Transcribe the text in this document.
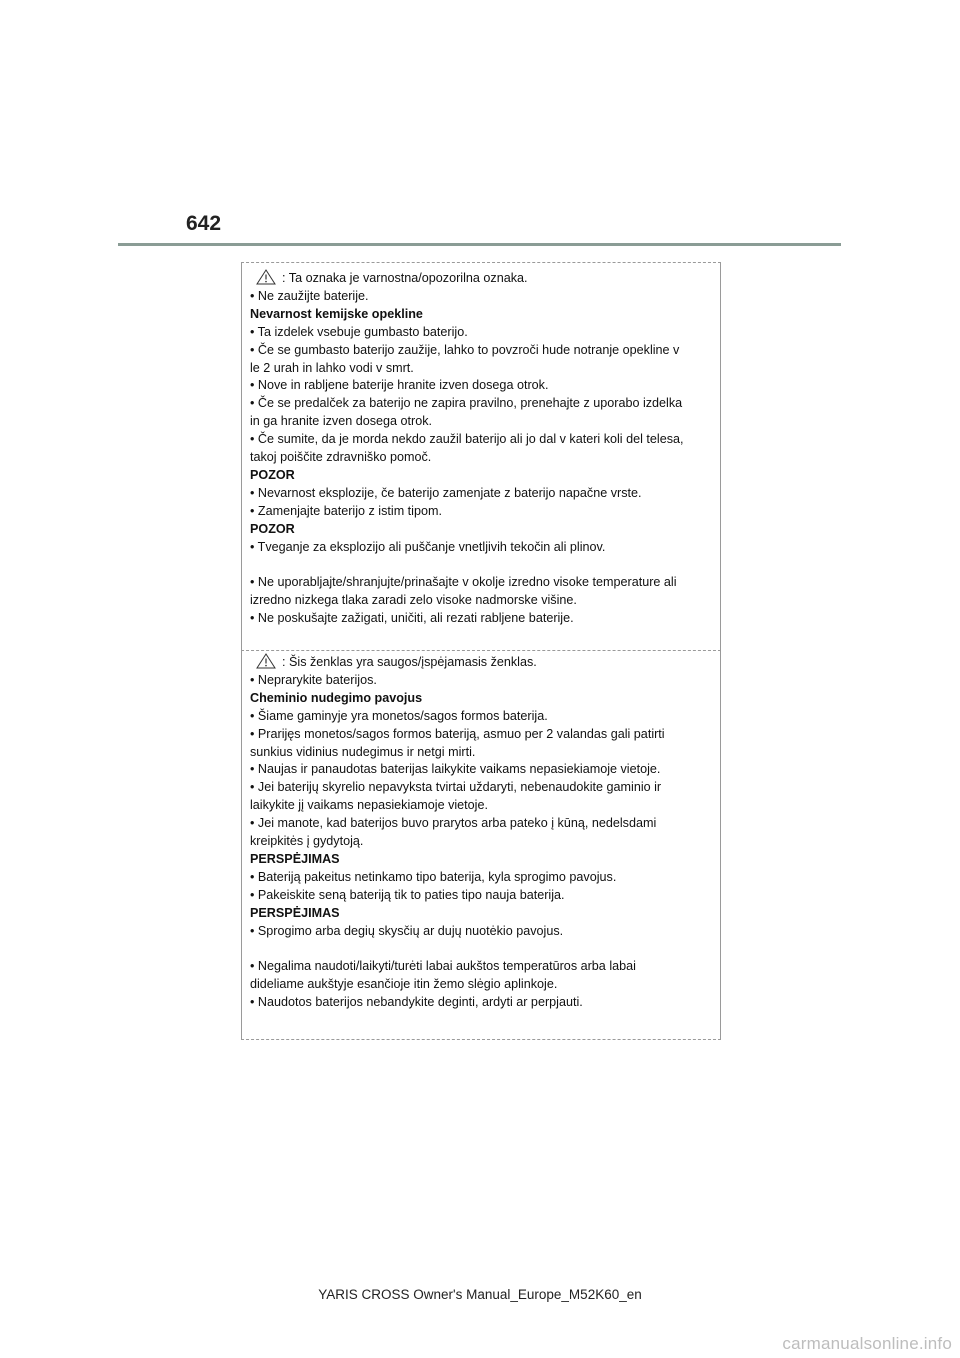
642
: Ta oznaka je varnostna/opozorilna oznaka.
• Ne zaužijte baterije.
Nevarnost kemijske opekline
• Ta izdelek vsebuje gumbasto baterijo.
• Če se gumbasto baterijo zaužije, lahko to povzroči hude notranje opekline v
le 2 urah in lahko vodi v smrt.
• Nove in rabljene baterije hranite izven dosega otrok.
• Če se predalček za baterijo ne zapira pravilno, prenehajte z uporabo izdelka
in ga hranite izven dosega otrok.
• Če sumite, da je morda nekdo zaužil baterijo ali jo dal v kateri koli del telesa,
takoj poiščite zdravniško pomoč.
POZOR
• Nevarnost eksplozije, če baterijo zamenjate z baterijo napačne vrste.
• Zamenjajte baterijo z istim tipom.
POZOR
• Tveganje za eksplozijo ali puščanje vnetljivih tekočin ali plinov.
• Ne uporabljajte/shranjujte/prinašajte v okolje izredno visoke temperature ali
izredno nizkega tlaka zaradi zelo visoke nadmorske višine.
• Ne poskušajte zažigati, uničiti, ali rezati rabljene baterije.
: Šis ženklas yra saugos/įspėjamasis ženklas.
• Neprarykite baterijos.
Cheminio nudegimo pavojus
• Šiame gaminyje yra monetos/sagos formos baterija.
• Prarijęs monetos/sagos formos bateriją, asmuo per 2 valandas gali patirti
sunkius vidinius nudegimus ir netgi mirti.
• Naujas ir panaudotas baterijas laikykite vaikams nepasiekiamoje vietoje.
• Jei baterijų skyrelio nepavyksta tvirtai uždaryti, nebenaudokite gaminio ir
laikykite jį vaikams nepasiekiamoje vietoje.
• Jei manote, kad baterijos buvo prarytos arba pateko į kūną, nedelsdami
kreipkitės į gydytoją.
PERSPĖJIMAS
• Bateriją pakeitus netinkamo tipo baterija, kyla sprogimo pavojus.
• Pakeiskite seną bateriją tik to paties tipo nauja baterija.
PERSPĖJIMAS
• Sprogimo arba degių skysčių ar dujų nuotėkio pavojus.
• Negalima naudoti/laikyti/turėti labai aukštos temperatūros arba labai
dideliame aukštyje esančioje itin žemo slėgio aplinkoje.
• Naudotos baterijos nebandykite deginti, ardyti ar perpjauti.
YARIS CROSS Owner's Manual_Europe_M52K60_en
carmanualsonline.info
